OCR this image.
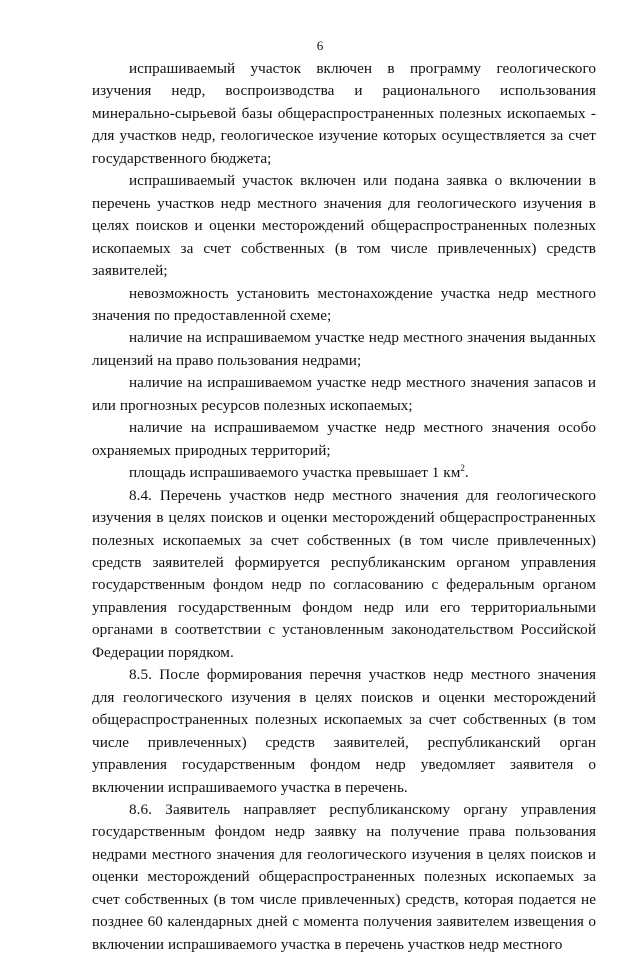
6

испрашиваемый участок включен в программу геологического изучения недр, воспроизводства и рационального использования минерально-сырьевой базы общераспространенных полезных ископаемых - для участков недр, геологическое изучение которых осуществляется за счет государственного бюджета;

испрашиваемый участок включен или подана заявка о включении в перечень участков недр местного значения для геологического изучения в целях поисков и оценки месторождений общераспространенных полезных ископаемых за счет собственных (в том числе привлеченных) средств заявителей;

невозможность установить местонахождение участка недр местного значения по предоставленной схеме;

наличие на испрашиваемом участке недр местного значения выданных лицензий на право пользования недрами;

наличие на испрашиваемом участке недр местного значения запасов и или прогнозных ресурсов полезных ископаемых;

наличие на испрашиваемом участке недр местного значения особо охраняемых природных территорий;

площадь испрашиваемого участка превышает 1 $км^2$.

8.4. Перечень участков недр местного значения для геологического изучения в целях поисков и оценки месторождений общераспространенных полезных ископаемых за счет собственных (в том числе привлеченных) средств заявителей формируется республиканским органом управления государственным фондом недр по согласованию с федеральным органом управления государственным фондом недр или его территориальными органами в соответствии с установленным законодательством Российской Федерации порядком.

8.5. После формирования перечня участков недр местного значения для геологического изучения в целях поисков и оценки месторождений общераспространенных полезных ископаемых за счет собственных (в том числе привлеченных) средств заявителей, республиканский орган управления государственным фондом недр уведомляет заявителя о включении испрашиваемого участка в перечень.

8.6. Заявитель направляет республиканскому органу управления государственным фондом недр заявку на получение права пользования недрами местного значения для геологического изучения в целях поисков и оценки месторождений общераспространенных полезных ископаемых за счет собственных (в том числе привлеченных) средств, которая подается не позднее 60 календарных дней с момента получения заявителем извещения о включении испрашиваемого участка в перечень участков недр местного
